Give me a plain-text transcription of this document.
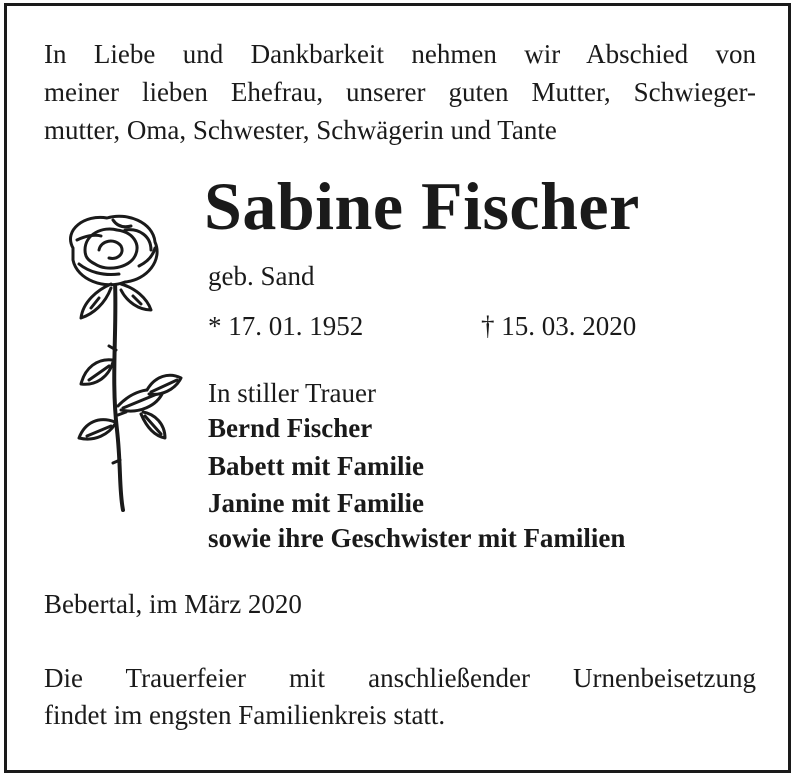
In Liebe und Dankbarkeit nehmen wir Abschied von
meiner lieben Ehefrau, unserer guten Mutter, Schwieger-
mutter, Oma, Schwester, Schwägerin und Tante
Sabine Fischer
geb. Sand
* 17. 01. 1952	† 15. 03. 2020
In stiller Trauer
Bernd Fischer
Babett mit Familie
Janine mit Familie
sowie ihre Geschwister mit Familien
Bebertal, im März 2020
Die Trauerfeier mit anschließender Urnenbeisetzung
findet im engsten Familienkreis statt.
